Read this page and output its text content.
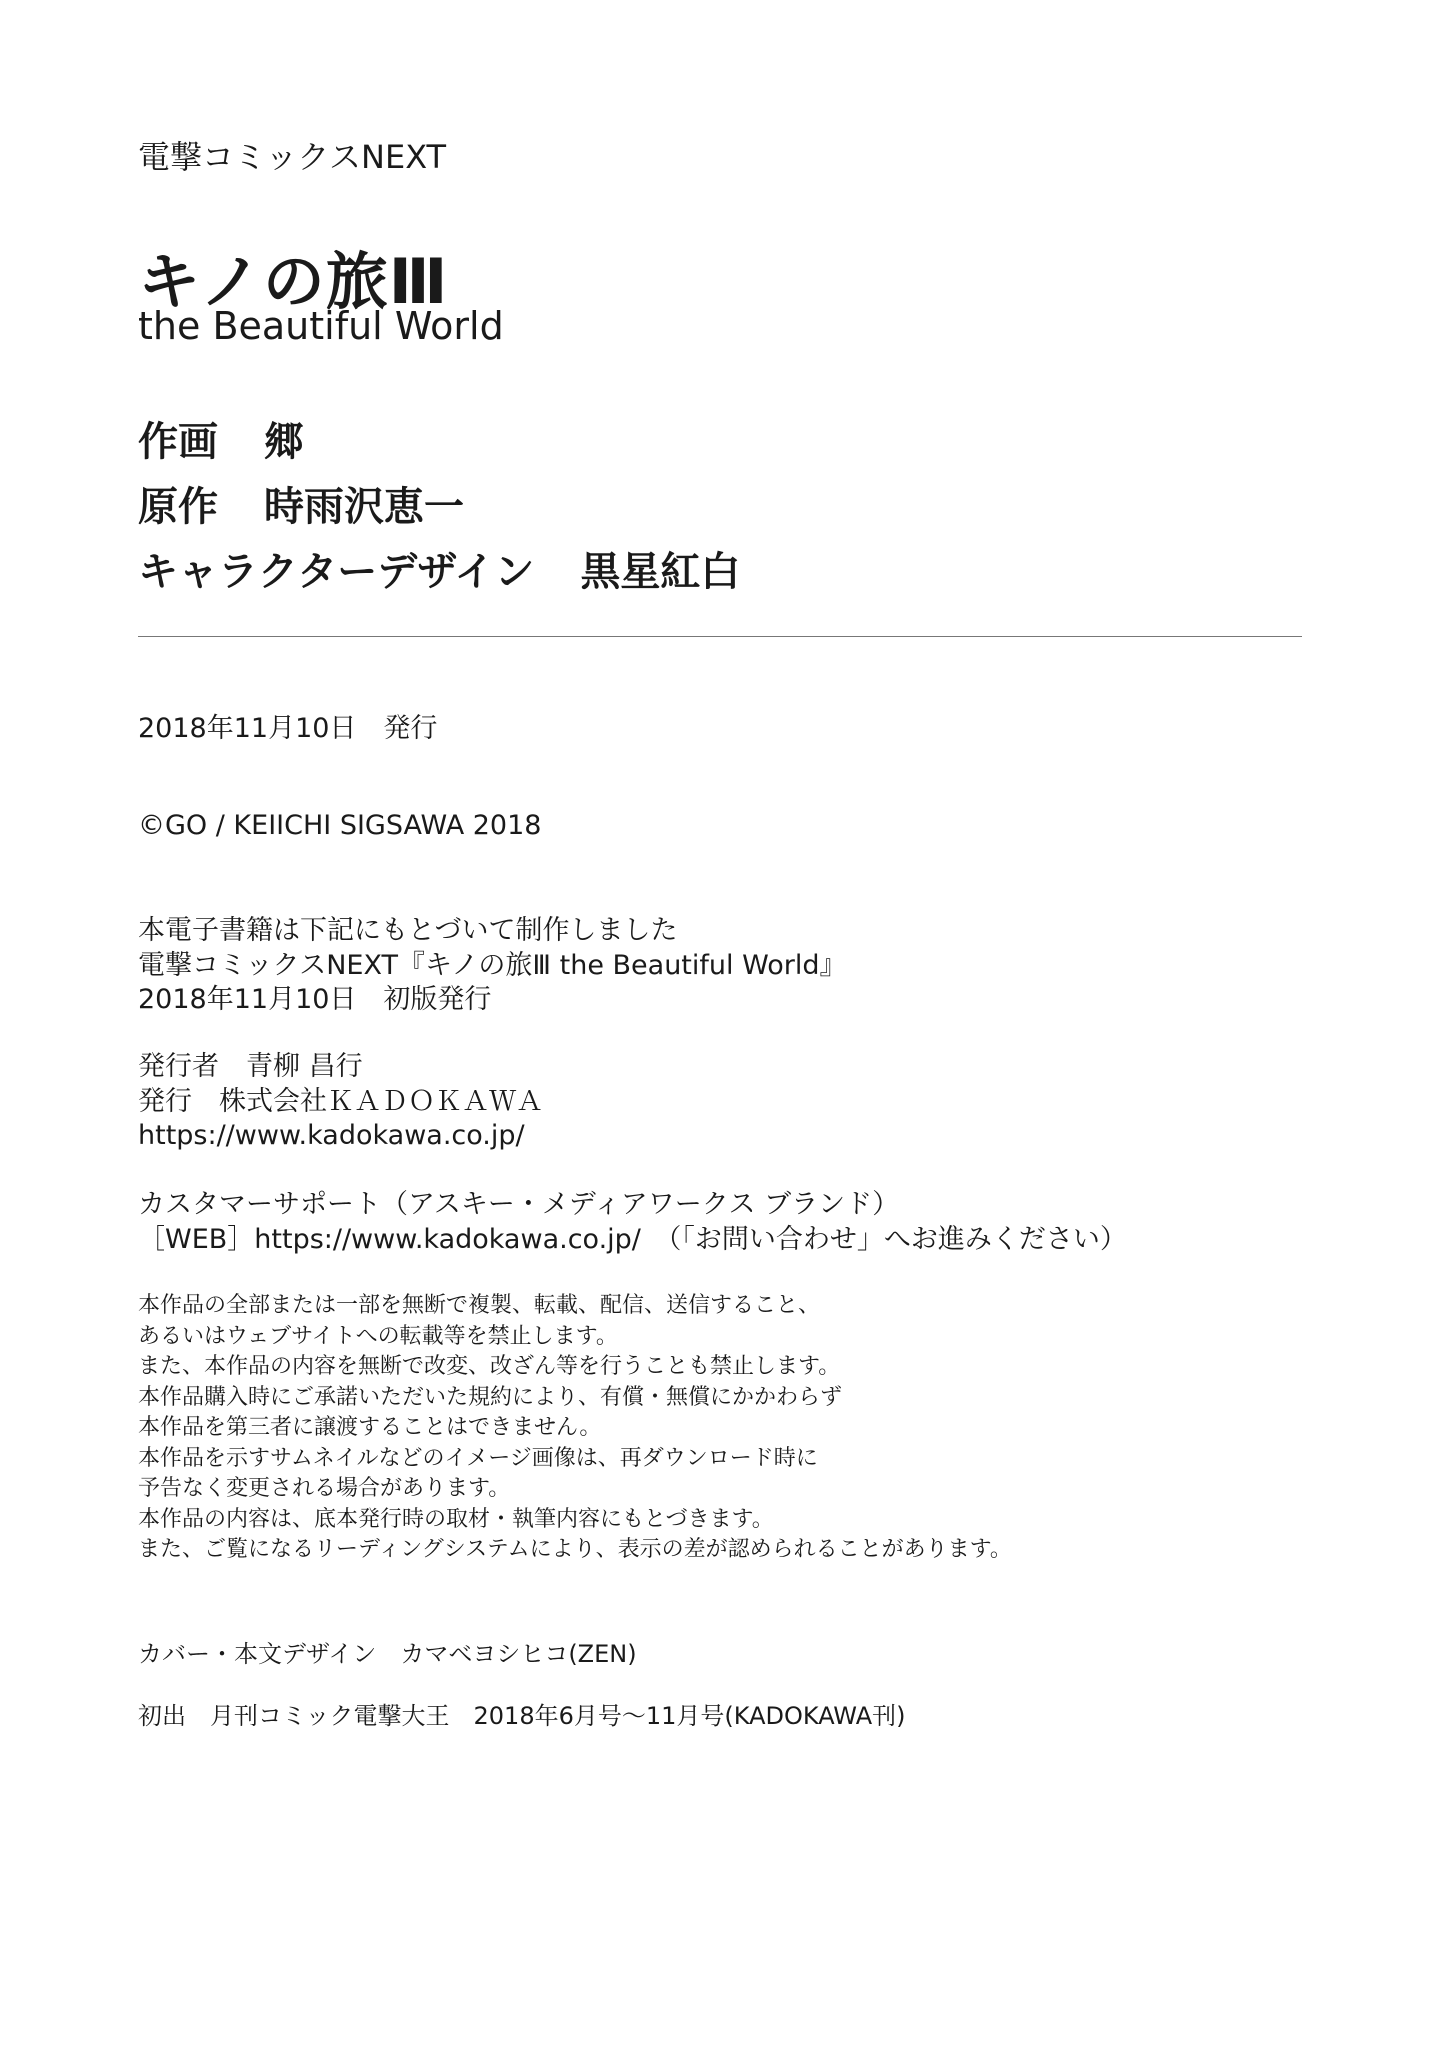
電撃コミックスNEXT
キノの旅Ⅲ
the Beautiful World
作画 郷
原作 時雨沢恵一
キャラクターデザイン 黒星紅白
2018年11月10日　発行
©GO / KEIICHI SIGSAWA 2018
本電子書籍は下記にもとづいて制作しました
電撃コミックスNEXT『キノの旅Ⅲ the Beautiful World』
2018年11月10日　初版発行
発行者　青柳 昌行
発行　株式会社ＫＡＤＯＫＡＷＡ
https://www.kadokawa.co.jp/
カスタマーサポート（アスキー・メディアワークス ブランド）
［WEB］https://www.kadokawa.co.jp/　（「お問い合わせ」へお進みください）
本作品の全部または一部を無断で複製、転載、配信、送信すること、
あるいはウェブサイトへの転載等を禁止します。
また、本作品の内容を無断で改変、改ざん等を行うことも禁止します。
本作品購入時にご承諾いただいた規約により、有償・無償にかかわらず
本作品を第三者に譲渡することはできません。
本作品を示すサムネイルなどのイメージ画像は、再ダウンロード時に
予告なく変更される場合があります。
本作品の内容は、底本発行時の取材・執筆内容にもとづきます。
また、ご覧になるリーディングシステムにより、表示の差が認められることがあります。
カバー・本文デザイン　カマベヨシヒコ(ZEN)
初出　月刊コミック電撃大王　2018年6月号～11月号(KADOKAWA刊)
